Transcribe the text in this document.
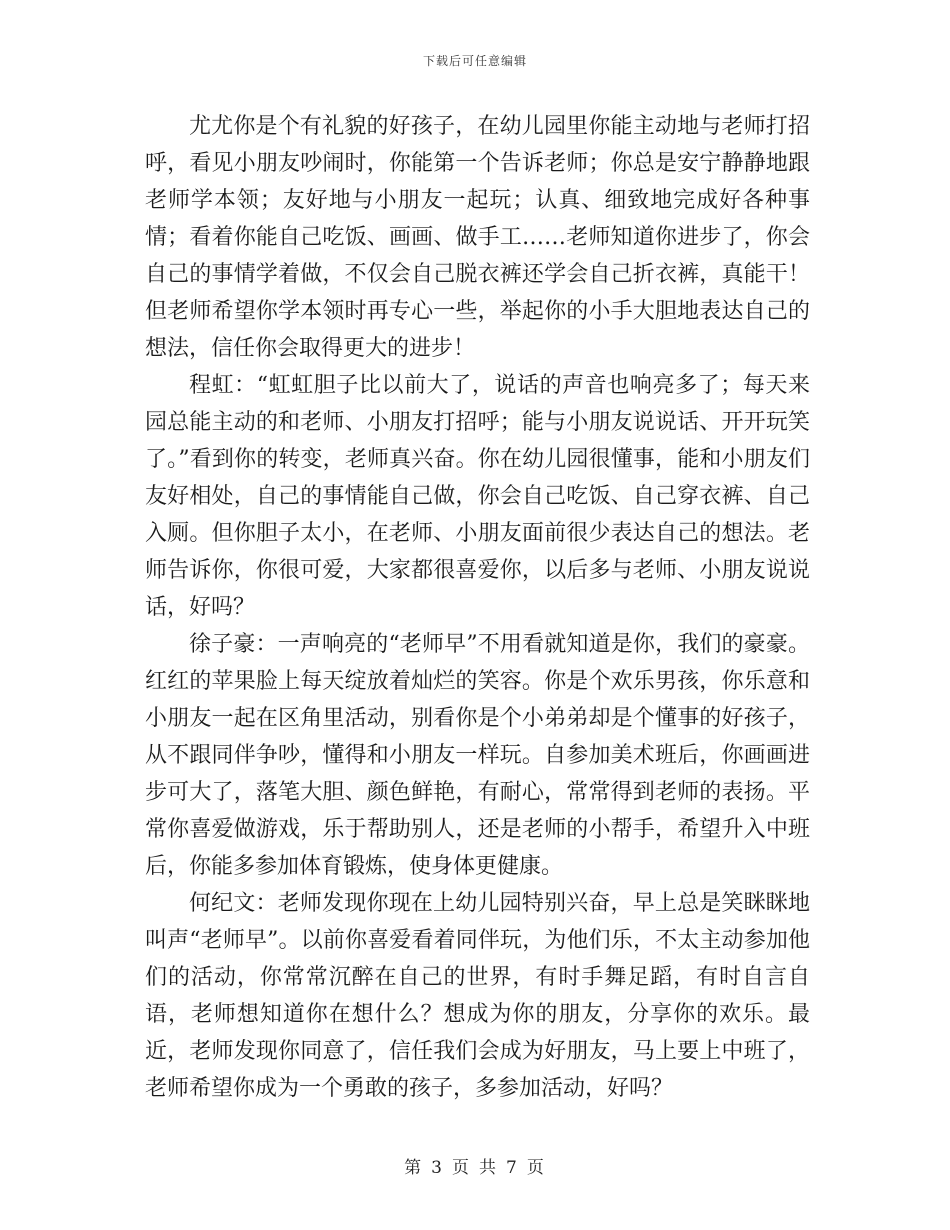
下载后可任意编辑

尤尤你是个有礼貌的好孩子，在幼儿园里你能主动地与老师打招呼，看见小朋友吵闹时，你能第一个告诉老师；你总是安宁静静地跟老师学本领；友好地与小朋友一起玩；认真、细致地完成好各种事情；看着你能自己吃饭、画画、做手工……老师知道你进步了，你会自己的事情学着做，不仅会自己脱衣裤还学会自己折衣裤，真能干！但老师希望你学本领时再专心一些，举起你的小手大胆地表达自己的想法，信任你会取得更大的进步！

程虹：“虹虹胆子比以前大了，说话的声音也响亮多了；每天来园总能主动的和老师、小朋友打招呼；能与小朋友说说话、开开玩笑了。”看到你的转变，老师真兴奋。你在幼儿园很懂事，能和小朋友们友好相处，自己的事情能自己做，你会自己吃饭、自己穿衣裤、自己入厕。但你胆子太小，在老师、小朋友面前很少表达自己的想法。老师告诉你，你很可爱，大家都很喜爱你，以后多与老师、小朋友说说话，好吗？

徐子豪：一声响亮的“老师早”不用看就知道是你，我们的豪豪。红红的苹果脸上每天绽放着灿烂的笑容。你是个欢乐男孩，你乐意和小朋友一起在区角里活动，别看你是个小弟弟却是个懂事的好孩子，从不跟同伴争吵，懂得和小朋友一样玩。自参加美术班后，你画画进步可大了，落笔大胆、颜色鲜艳，有耐心，常常得到老师的表扬。平常你喜爱做游戏，乐于帮助别人，还是老师的小帮手，希望升入中班后，你能多参加体育锻炼，使身体更健康。

何纪文：老师发现你现在上幼儿园特别兴奋，早上总是笑眯眯地叫声“老师早”。以前你喜爱看着同伴玩，为他们乐，不太主动参加他们的活动，你常常沉醉在自己的世界，有时手舞足蹈，有时自言自语，老师想知道你在想什么？想成为你的朋友，分享你的欢乐。最近，老师发现你同意了，信任我们会成为好朋友，马上要上中班了，老师希望你成为一个勇敢的孩子，多参加活动，好吗？

第 3 页 共 7 页
